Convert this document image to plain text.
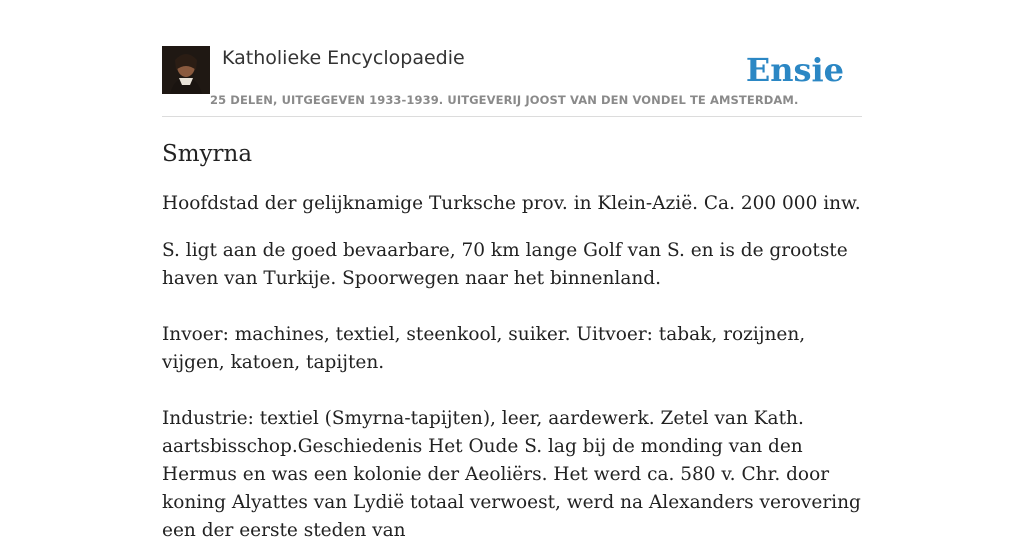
Katholieke Encyclopaedie
25 DELEN, UITGEGEVEN 1933-1939. UITGEVERIJ JOOST VAN DEN VONDEL TE AMSTERDAM.
Ensie
Smyrna

Hoofdstad der gelijknamige Turksche prov. in Klein-Azië. Ca. 200 000 inw.

S. ligt aan de goed bevaarbare, 70 km lange Golf van S. en is de grootste haven van Turkije. Spoorwegen naar het binnenland.

Invoer: machines, textiel, steenkool, suiker. Uitvoer: tabak, rozijnen, vijgen, katoen, tapijten.

Industrie: textiel (Smyrna-tapijten), leer, aardewerk. Zetel van Kath. aartsbisschop.Geschiedenis Het Oude S. lag bij de monding van den Hermus en was een kolonie der Aeoliërs. Het werd ca. 580 v. Chr. door koning Alyattes van Lydië totaal verwoest, werd na Alexanders verovering een der eerste steden van
